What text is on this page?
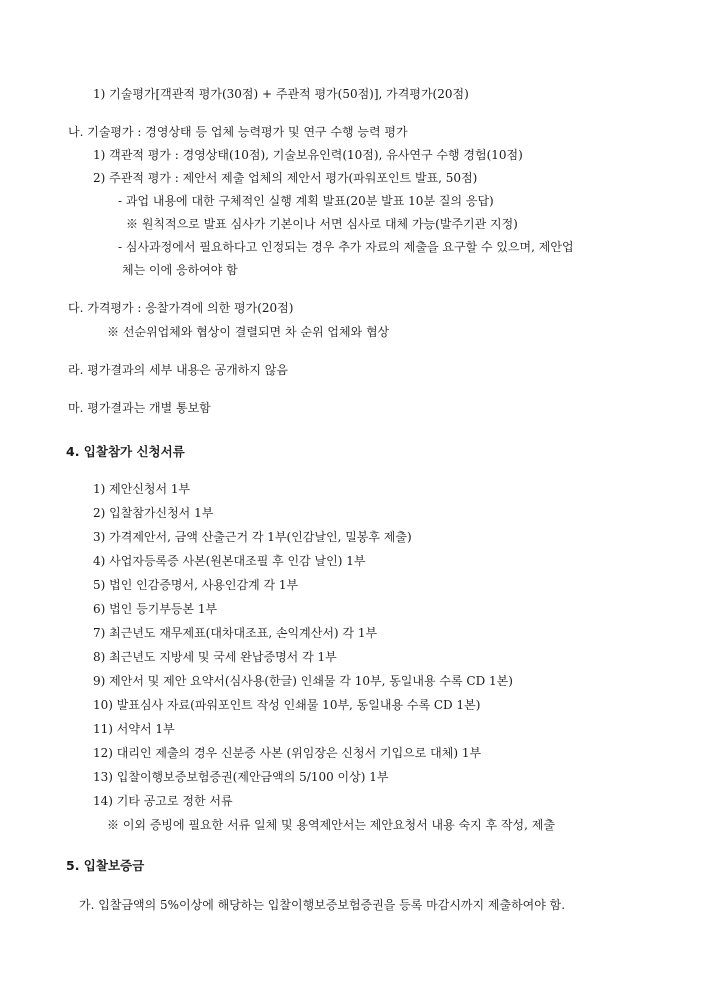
1) 기술평가[객관적 평가(30점) + 주관적 평가(50점)], 가격평가(20점)
나. 기술평가 : 경영상태 등 업체 능력평가 및 연구 수행 능력 평가
1) 객관적 평가 : 경영상태(10점), 기술보유인력(10점), 유사연구 수행 경험(10점)
2) 주관적 평가 : 제안서 제출 업체의 제안서 평가(파워포인트 발표, 50점)
- 과업 내용에 대한 구체적인 실행 계획 발표(20분 발표 10분 질의 응답)
※ 원칙적으로 발표 심사가 기본이나 서면 심사로 대체 가능(발주기관 지정)
- 심사과정에서 필요하다고 인정되는 경우 추가 자료의 제출을 요구할 수 있으며, 제안업
체는 이에 응하여야 함
다. 가격평가 : 응찰가격에 의한 평가(20점)
※ 선순위업체와 협상이 결렬되면 차 순위 업체와 협상
라. 평가결과의 세부 내용은 공개하지 않음
마. 평가결과는 개별 통보함
4. 입찰참가 신청서류
1) 제안신청서 1부
2) 입찰참가신청서 1부
3) 가격제안서, 금액 산출근거 각 1부(인감날인, 밀봉후 제출)
4) 사업자등록증 사본(원본대조필 후 인감 날인) 1부
5) 법인 인감증명서, 사용인감계 각 1부
6) 법인 등기부등본 1부
7) 최근년도 재무제표(대차대조표, 손익계산서) 각 1부
8) 최근년도 지방세 및 국세 완납증명서 각 1부
9) 제안서 및 제안 요약서(심사용(한글) 인쇄물 각 10부, 동일내용 수록 CD 1본)
10) 발표심사 자료(파워포인트 작성 인쇄물 10부, 동일내용 수록 CD 1본)
11) 서약서 1부
12) 대리인 제출의 경우 신분증 사본 (위임장은 신청서 기입으로 대체) 1부
13) 입찰이행보증보험증권(제안금액의 5/100 이상) 1부
14) 기타 공고로 정한 서류
※ 이외 증빙에 필요한 서류 일체 및 용역제안서는 제안요청서 내용 숙지 후 작성, 제출
5. 입찰보증금
가. 입찰금액의 5%이상에 해당하는 입찰이행보증보험증권을 등록 마감시까지 제출하여야 함.
